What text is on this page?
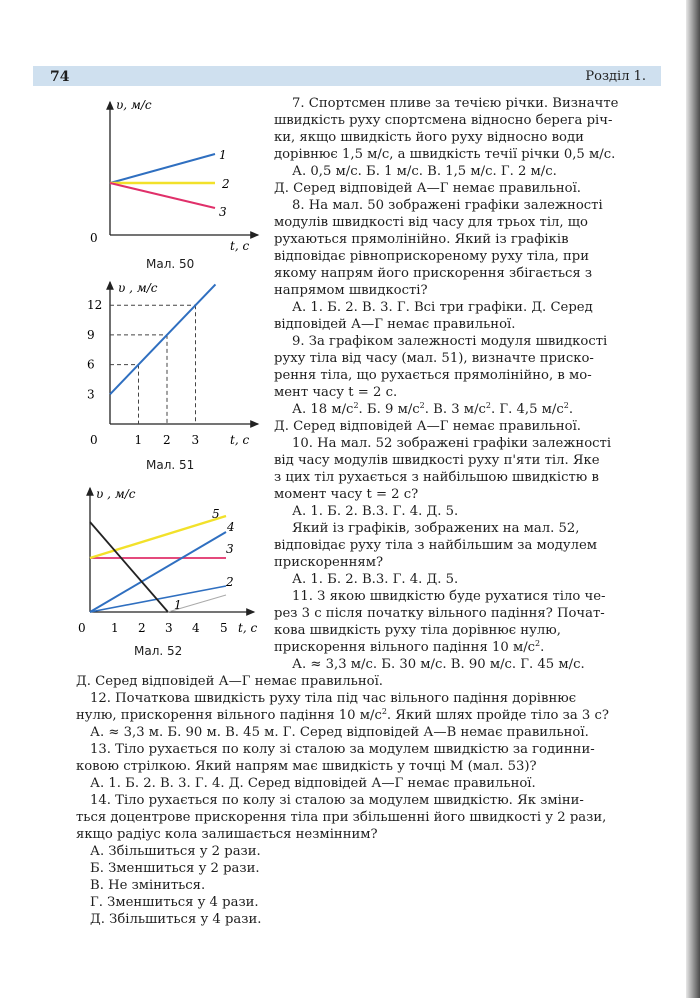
74	Розділ 1.
υ, м/с
t, c
0
1
2
3
Мал. 50
υ , м/с
t, c
0
3
6
9
12
1 2 3
Мал. 51
υ , м/с
t, c
0 1 2 3 4 5
1
2
3
4
5
Мал. 52
7. Спортсмен пливе за течією річки. Визначте
швидкість руху спортсмена відносно берега річ-
ки, якщо швидкість його руху відносно води
дорівнює 1,5 м/с, а швидкість течії річки 0,5 м/с.
А. 0,5 м/с. Б. 1 м/с. В. 1,5 м/с. Г. 2 м/с.
Д. Серед відповідей А—Г немає правильної.
8. На мал. 50 зображені графіки залежності
модулів швидкості від часу для трьох тіл, що
рухаються прямолінійно. Який із графіків
відповідає рівноприскореному руху тіла, при
якому напрям його прискорення збігається з
напрямом швидкості?
А. 1. Б. 2. В. 3. Г. Всі три графіки. Д. Серед
відповідей А—Г немає правильної.
9. За графіком залежності модуля швидкості
руху тіла від часу (мал. 51), визначте приско-
рення тіла, що рухається прямолінійно, в мо-
мент часу t = 2 c.
А. 18 $м/с^2$. Б. 9 $м/с^2$. В. 3 $м/с^2$. Г. 4,5 $м/с^2$.
Д. Серед відповідей А—Г немає правильної.
10. На мал. 52 зображені графіки залежності
від часу модулів швидкості руху п'яти тіл. Яке
з цих тіл рухається з найбільшою швидкістю в
момент часу t = 2 с?
А. 1. Б. 2. В.3. Г. 4. Д. 5.
Який із графіків, зображених на мал. 52,
відповідає руху тіла з найбільшим за модулем
прискоренням?
А. 1. Б. 2. В.3. Г. 4. Д. 5.
11. З якою швидкістю буде рухатися тіло че-
рез 3 с після початку вільного падіння? Почат-
кова швидкість руху тіла дорівнює нулю,
прискорення вільного падіння 10 $м/с^2$.
А. ≈ 3,3 м/с. Б. 30 м/с. В. 90 м/с. Г. 45 м/с.
Д. Серед відповідей А—Г немає правильної.
12. Початкова швидкість руху тіла під час вільного падіння дорівнює
нулю, прискорення вільного падіння 10 $м/с^2$. Який шлях пройде тіло за 3 с?
А. ≈ 3,3 м. Б. 90 м. В. 45 м. Г. Серед відповідей А—В немає правильної.
13. Тіло рухається по колу зі сталою за модулем швидкістю за годинни-
ковою стрілкою. Який напрям має швидкість у точці М (мал. 53)?
А. 1. Б. 2. В. 3. Г. 4. Д. Серед відповідей А—Г немає правильної.
14. Тіло рухається по колу зі сталою за модулем швидкістю. Як зміни-
ться доцентрове прискорення тіла при збільшенні його швидкості у 2 рази,
якщо радіус кола залишається незмінним?
А. Збільшиться у 2 рази.
Б. Зменшиться у 2 рази.
В. Не зміниться.
Г. Зменшиться у 4 рази.
Д. Збільшиться у 4 рази.
